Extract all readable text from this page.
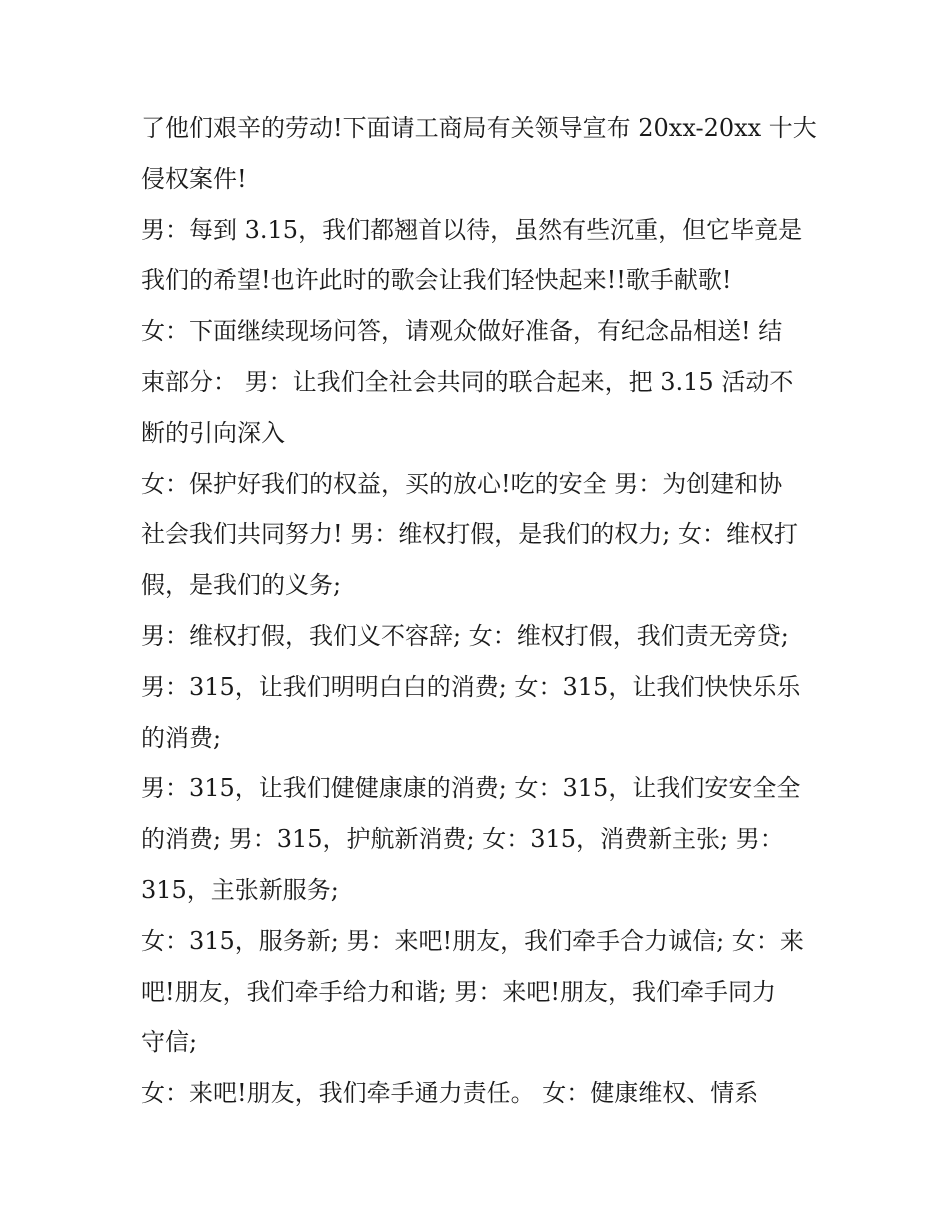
了他们艰辛的劳动!下面请工商局有关领导宣布 20xx-20xx 十大

侵权案件!

男：每到 3.15，我们都翘首以待，虽然有些沉重，但它毕竟是

我们的希望!也许此时的歌会让我们轻快起来!!歌手献歌!

女：下面继续现场问答，请观众做好准备，有纪念品相送! 结

束部分： 男：让我们全社会共同的联合起来，把 3.15 活动不

断的引向深入

女：保护好我们的权益，买的放心!吃的安全 男：为创建和协

社会我们共同努力! 男：维权打假，是我们的权力; 女：维权打

假，是我们的义务;

男：维权打假，我们义不容辞; 女：维权打假，我们责无旁贷;

男：315，让我们明明白白的消费; 女：315，让我们快快乐乐

的消费;

男：315，让我们健健康康的消费; 女：315，让我们安安全全

的消费; 男：315，护航新消费; 女：315，消费新主张; 男：

315，主张新服务;

女：315，服务新; 男：来吧!朋友，我们牵手合力诚信; 女：来

吧!朋友，我们牵手给力和谐; 男：来吧!朋友，我们牵手同力

守信;

女：来吧!朋友，我们牵手通力责任。 女：健康维权、情系
